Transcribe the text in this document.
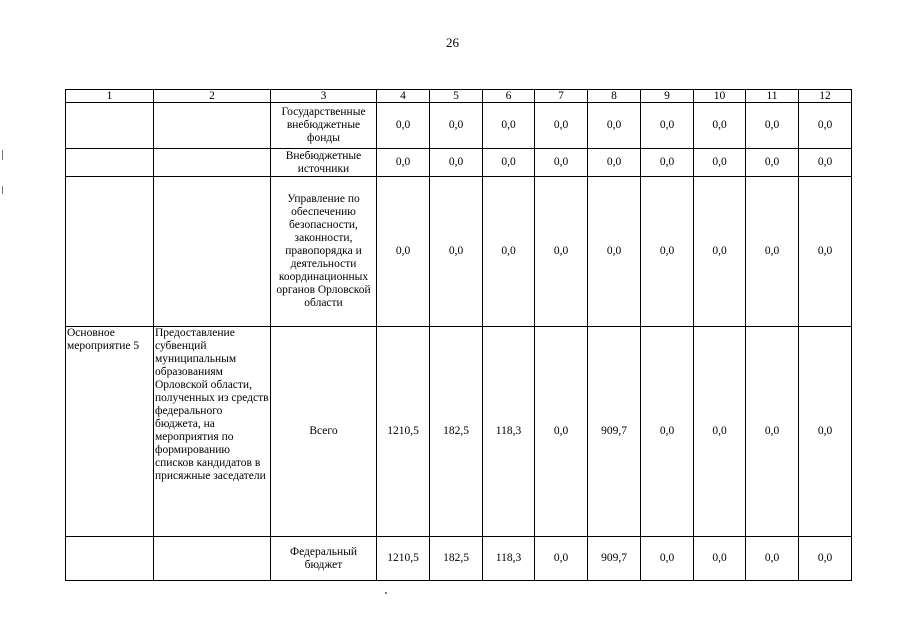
26
1	2	3	4	5	6	7	8	9	10	11	12
		Государственные внебюджетные фонды	0,0	0,0	0,0	0,0	0,0	0,0	0,0	0,0	0,0
		Внебюджетные источники	0,0	0,0	0,0	0,0	0,0	0,0	0,0	0,0	0,0
		Управление по обеспечению безопасности, законности, правопорядка и деятельности координационных органов Орловской области	0,0	0,0	0,0	0,0	0,0	0,0	0,0	0,0	0,0
Основное мероприятие 5	Предоставление субвенций муниципальным образованиям Орловской области, полученных из средств федерального бюджета, на мероприятия по формированию списков кандидатов в присяжные заседатели	Всего	1210,5	182,5	118,3	0,0	909,7	0,0	0,0	0,0	0,0
		Федеральный бюджет	1210,5	182,5	118,3	0,0	909,7	0,0	0,0	0,0	0,0
